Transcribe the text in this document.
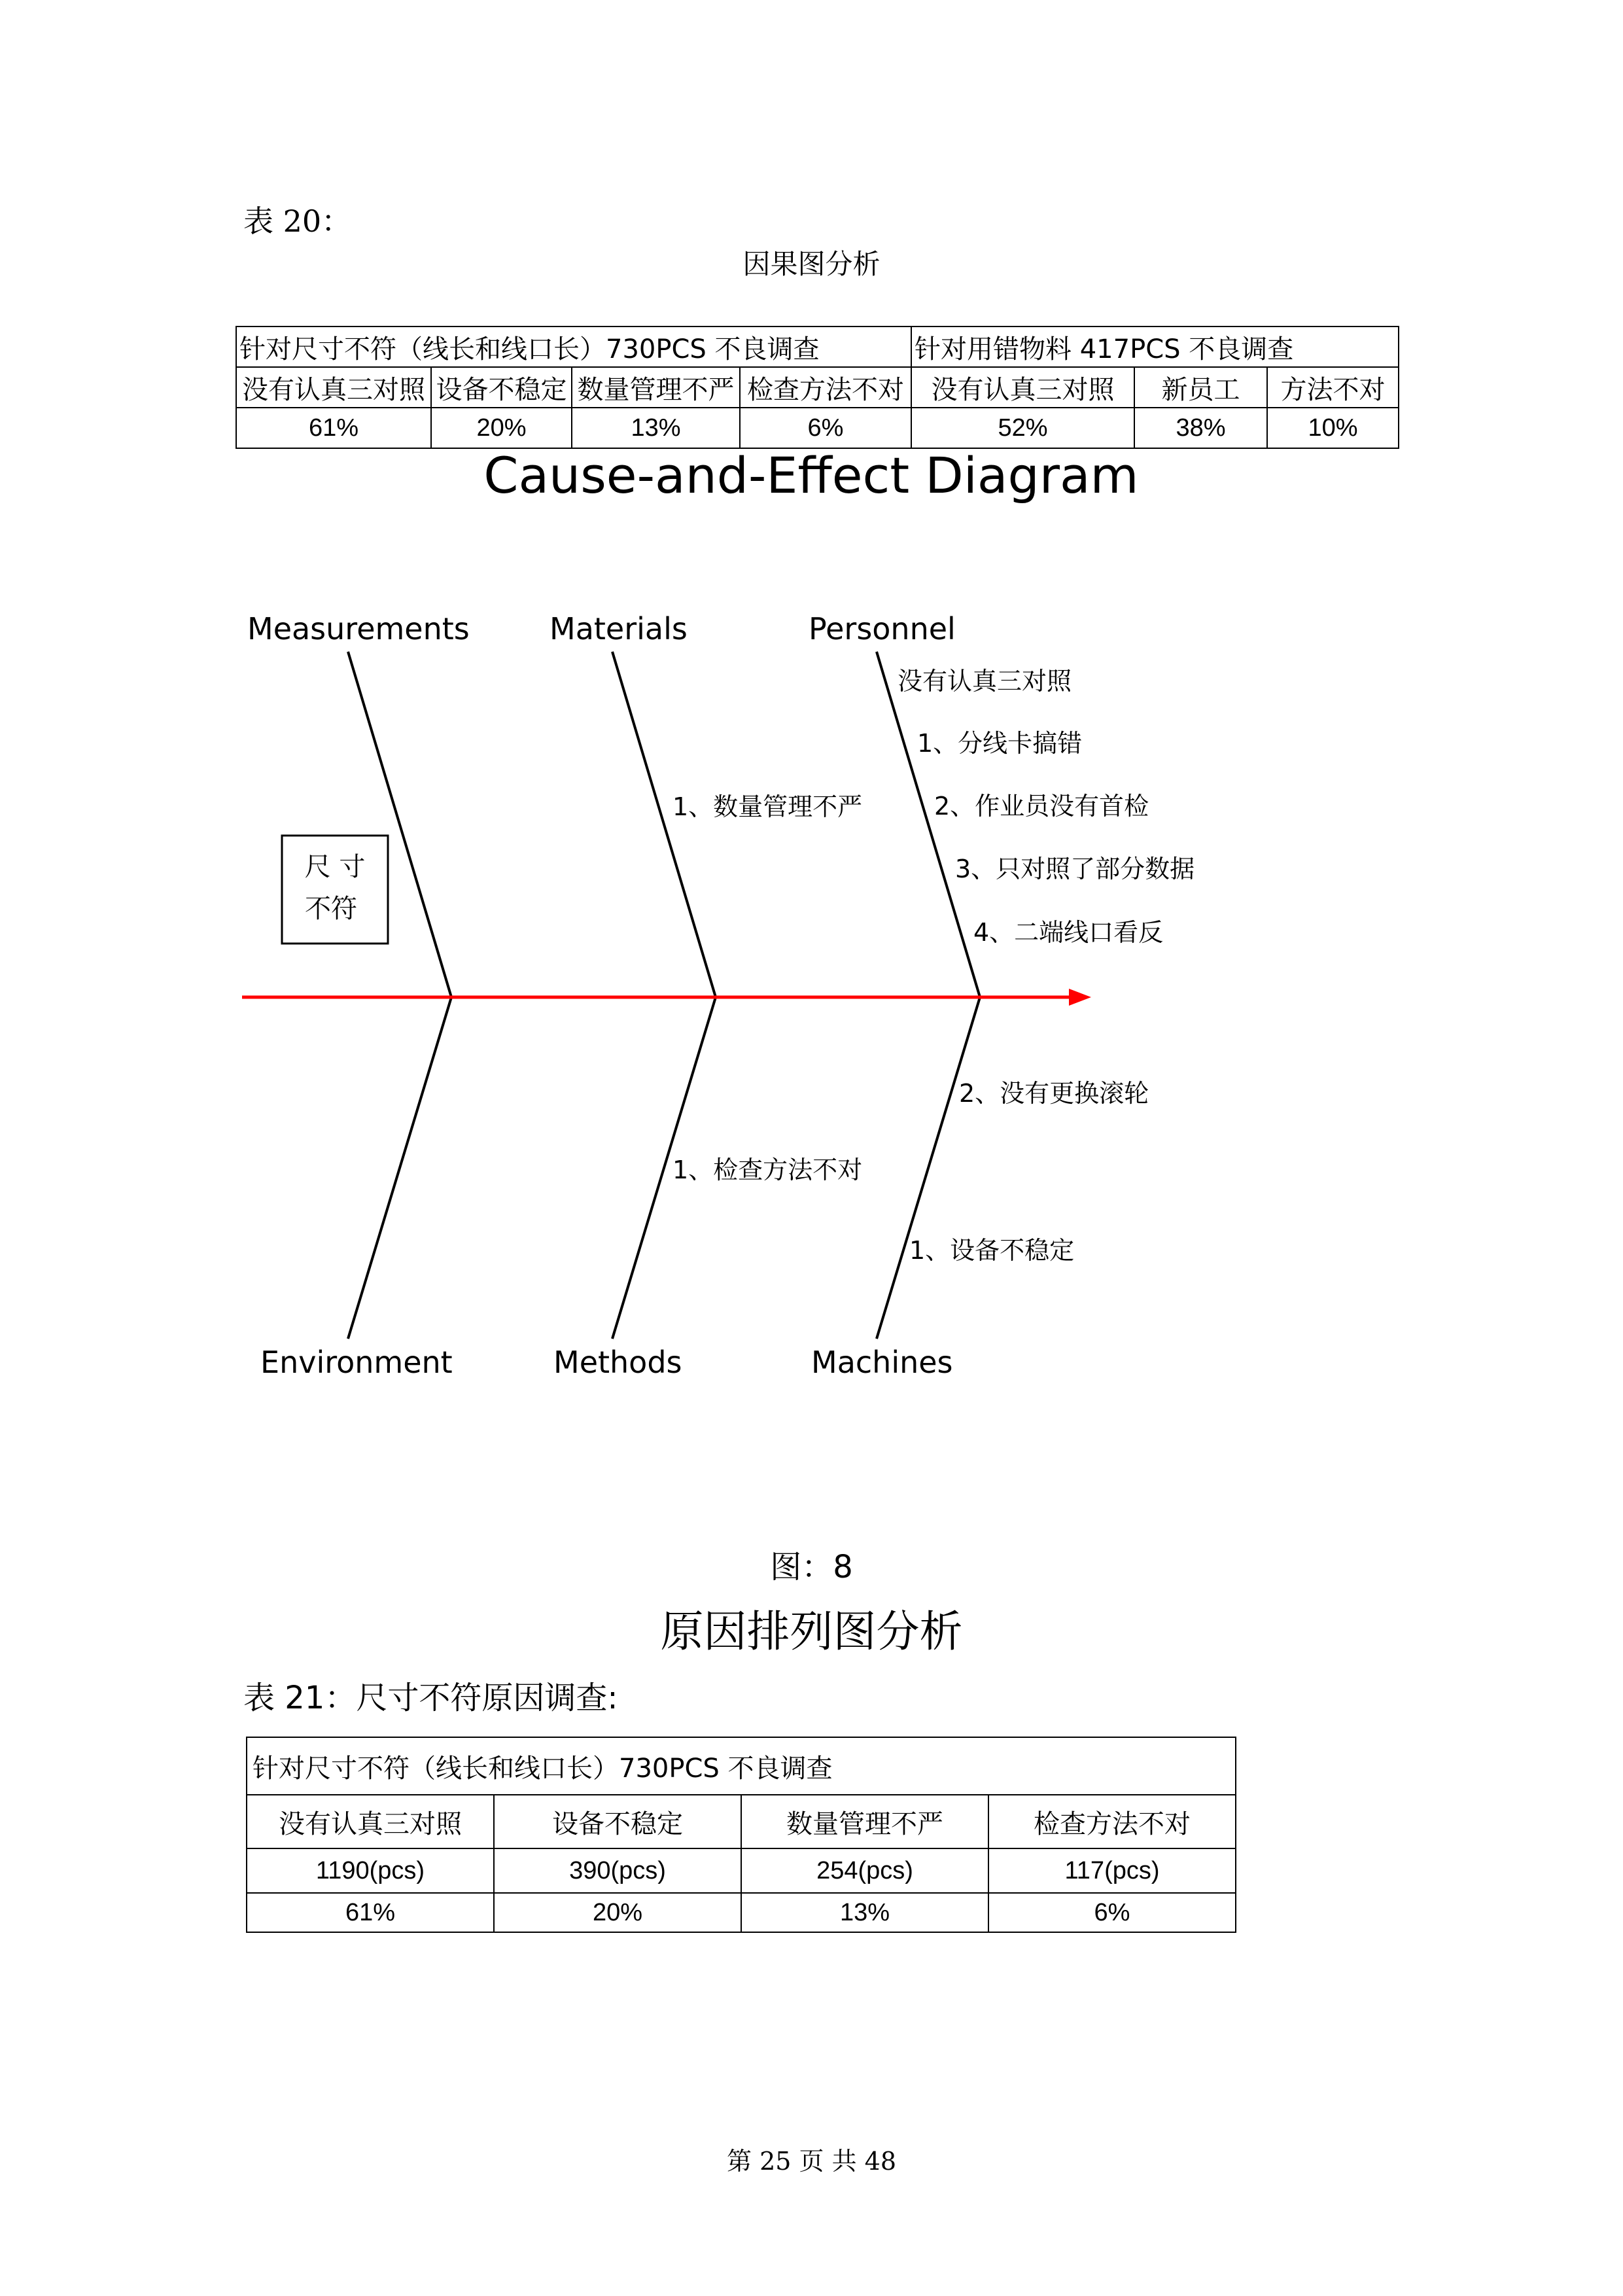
表 20：
因果图分析
针对尺寸不符（线长和线口长）730PCS 不良调查				针对用错物料 417PCS 不良调查		
没有认真三对照	设备不稳定	数量管理不严	检查方法不对	没有认真三对照	新员工	方法不对
61%	20%	13%	6%	52%	38%	10%
Cause-and-Effect Diagram
Measurements	Materials	Personnel
Environment	Methods	Machines
尺 寸
不符
1、数量管理不严
没有认真三对照
1、分线卡搞错
2、作业员没有首检
3、只对照了部分数据
4、二端线口看反
1、检查方法不对
2、没有更换滚轮
1、设备不稳定
图：8
原因排列图分析
表 21：尺寸不符原因调查:
针对尺寸不符（线长和线口长）730PCS 不良调查			
没有认真三对照	设备不稳定	数量管理不严	检查方法不对
1190(pcs)	390(pcs)	254(pcs)	117(pcs)
61%	20%	13%	6%
第 25 页 共 48
